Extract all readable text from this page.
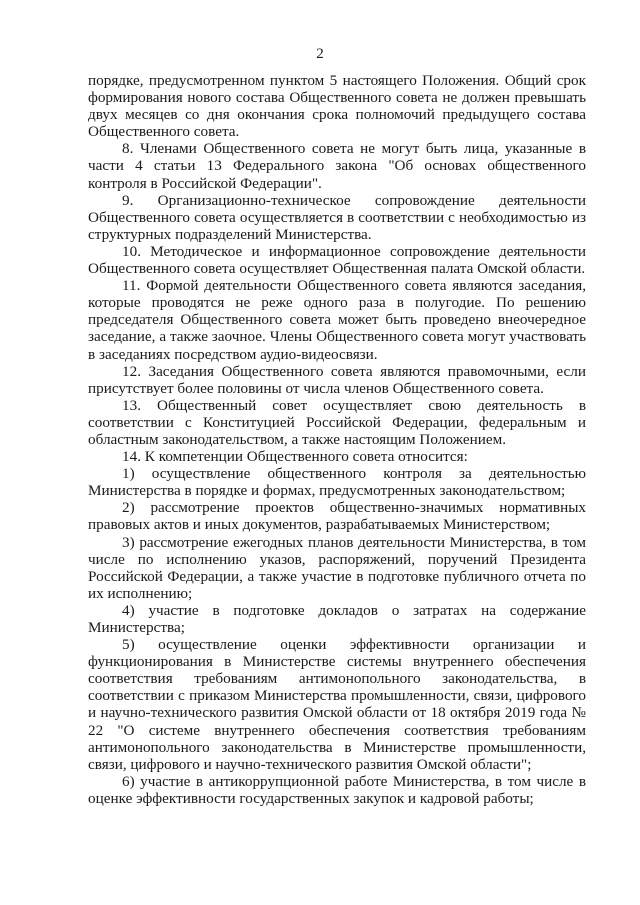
2

порядке, предусмотренном пунктом 5 настоящего Положения. Общий срок формирования нового состава Общественного совета не должен превышать двух месяцев со дня окончания срока полномочий предыдущего состава Общественного совета.

8. Членами Общественного совета не могут быть лица, указанные в части 4 статьи 13 Федерального закона "Об основах общественного контроля в Российской Федерации".

9. Организационно-техническое сопровождение деятельности Общественного совета осуществляется в соответствии с необходимостью из структурных подразделений Министерства.

10. Методическое и информационное сопровождение деятельности Общественного совета осуществляет Общественная палата Омской области.

11. Формой деятельности Общественного совета являются заседания, которые проводятся не реже одного раза в полугодие. По решению председателя Общественного совета может быть проведено внеочередное заседание, а также заочное. Члены Общественного совета могут участвовать в заседаниях посредством аудио-видеосвязи.

12. Заседания Общественного совета являются правомочными, если присутствует более половины от числа членов Общественного совета.

13. Общественный совет осуществляет свою деятельность в соответствии с Конституцией Российской Федерации, федеральным и областным законодательством, а также настоящим Положением.

14. К компетенции Общественного совета относится:

1) осуществление общественного контроля за деятельностью Министерства в порядке и формах, предусмотренных законодательством;

2) рассмотрение проектов общественно-значимых нормативных правовых актов и иных документов, разрабатываемых Министерством;

3) рассмотрение ежегодных планов деятельности Министерства, в том числе по исполнению указов, распоряжений, поручений Президента Российской Федерации, а также участие в подготовке публичного отчета по их исполнению;

4) участие в подготовке докладов о затратах на содержание Министерства;

5) осуществление оценки эффективности организации и функционирования в Министерстве системы внутреннего обеспечения соответствия требованиям антимонопольного законодательства, в соответствии с приказом Министерства промышленности, связи, цифрового и научно-технического развития Омской области от 18 октября 2019 года № 22 "О системе внутреннего обеспечения соответствия требованиям антимонопольного законодательства в Министерстве промышленности, связи, цифрового и научно-технического развития Омской области";

6) участие в антикоррупционной работе Министерства, в том числе в оценке эффективности государственных закупок и кадровой работы;
